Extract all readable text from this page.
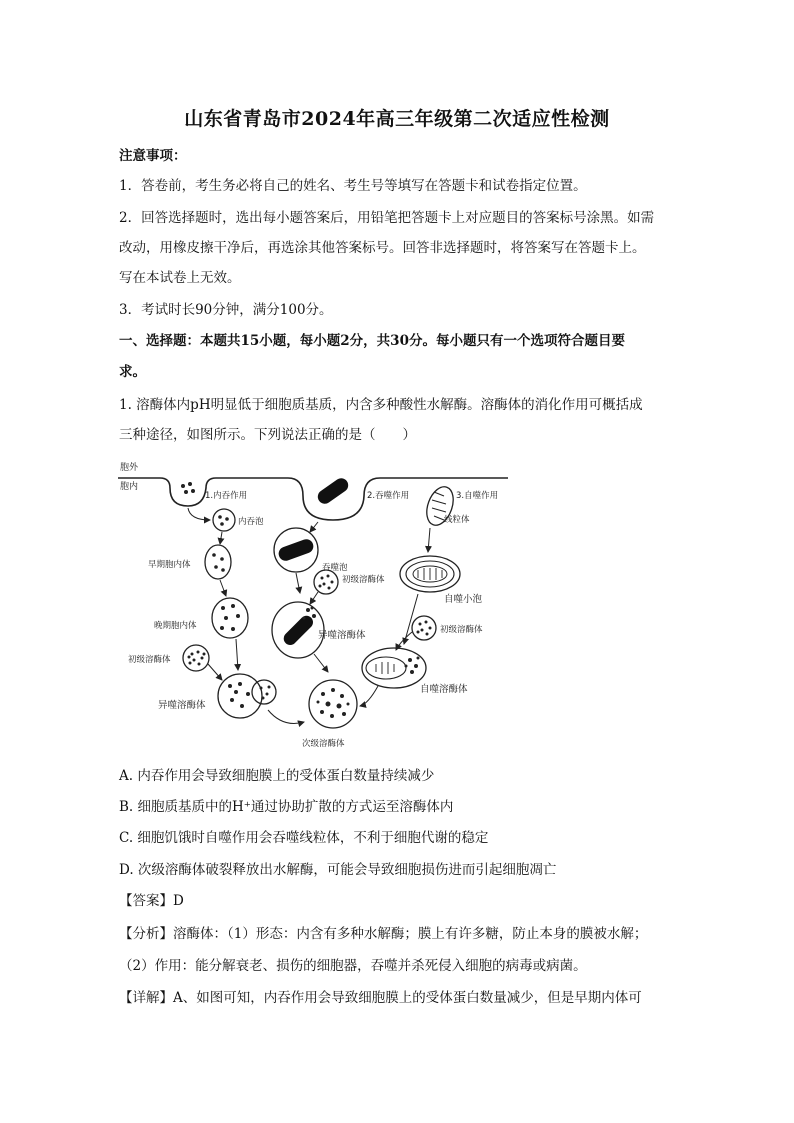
山东省青岛市2024年高三年级第二次适应性检测
注意事项：
1．答卷前，考生务必将自己的姓名、考生号等填写在答题卡和试卷指定位置。
2．回答选择题时，选出每小题答案后，用铅笔把答题卡上对应题目的答案标号涂黑。如需
改动，用橡皮擦干净后，再选涂其他答案标号。回答非选择题时，将答案写在答题卡上。
写在本试卷上无效。
3．考试时长90分钟，满分100分。
一、选择题：本题共15小题，每小题2分，共30分。每小题只有一个选项符合题目要
求。
1. 溶酶体内pH明显低于细胞质基质，内含多种酸性水解酶。溶酶体的消化作用可概括成
三种途径，如图所示。下列说法正确的是（　　）
胞外
胞内
1.内吞作用
内吞泡
早期胞内体
晚期胞内体
初级溶酶体
异噬溶酶体
2.吞噬作用
吞噬泡
初级溶酶体
异噬溶酶体
次级溶酶体
3.自噬作用
线粒体
自噬小泡
初级溶酶体
自噬溶酶体
A. 内吞作用会导致细胞膜上的受体蛋白数量持续减少
B. 细胞质基质中的H⁺通过协助扩散的方式运至溶酶体内
C. 细胞饥饿时自噬作用会吞噬线粒体，不利于细胞代谢的稳定
D. 次级溶酶体破裂释放出水解酶，可能会导致细胞损伤进而引起细胞凋亡
【答案】D
【分析】溶酶体：（1）形态：内含有多种水解酶；膜上有许多糖，防止本身的膜被水解；
（2）作用：能分解衰老、损伤的细胞器，吞噬并杀死侵入细胞的病毒或病菌。
【详解】A、如图可知，内吞作用会导致细胞膜上的受体蛋白数量减少，但是早期内体可
